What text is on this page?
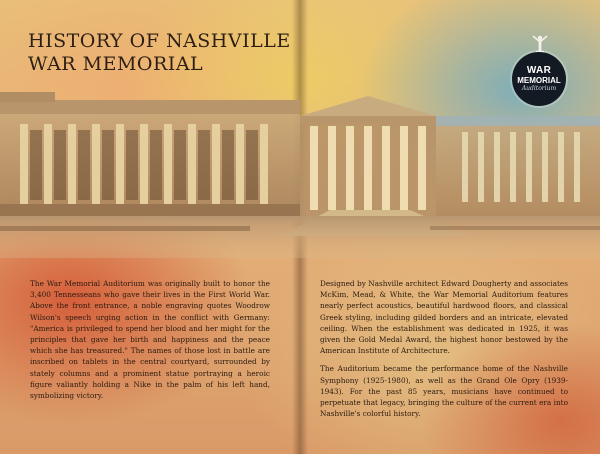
HISTORY OF NASHVILLE
WAR MEMORIAL	WAR
MEMORIAL
Auditorium

The War Memorial Auditorium was originally built to honor the 3,400 Tennesseans who gave their lives in the First World War. Above the front entrance, a noble engraving quotes Woodrow Wilson's speech urging action in the conflict with Germany: "America is privileged to spend her blood and her might for the principles that gave her birth and happiness and the peace which she has treasured." The names of those lost in battle are inscribed on tablets in the central courtyard, surrounded by stately columns and a prominent statue portraying a heroic figure valiantly holding a Nike in the palm of his left hand, symbolizing victory.

Designed by Nashville architect Edward Dougherty and associates McKim, Mead, & White, the War Memorial Auditorium features nearly perfect acoustics, beautiful hardwood floors, and classical Greek styling, including gilded borders and an intricate, elevated ceiling. When the establishment was dedicated in 1925, it was given the Gold Medal Award, the highest honor bestowed by the American Institute of Architecture.

The Auditorium became the performance home of the Nashville Symphony (1925-1980), as well as the Grand Ole Opry (1939-1943). For the past 85 years, musicians have continued to perpetuate that legacy, bringing the culture of the current era into Nashville's colorful history.
